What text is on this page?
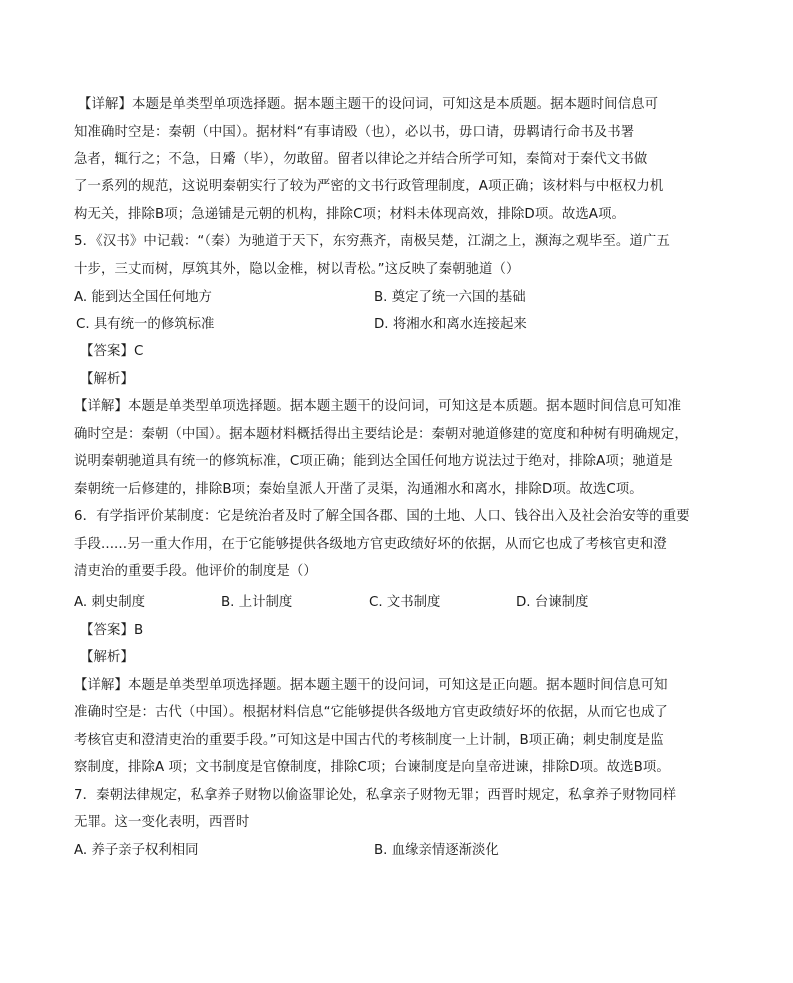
【详解】本题是单类型单项选择题。据本题主题干的设问词，可知这是本质题。据本题时间信息可
知准确时空是：秦朝（中国）。据材料“有事请殴（也），必以书，毋口请，毋羁请行命书及书署
急者，辄行之；不急，日觱（毕），勿敢留。留者以律论之并结合所学可知，秦简对于秦代文书做
了一系列的规范，这说明秦朝实行了较为严密的文书行政管理制度，A项正确；该材料与中枢权力机
构无关，排除B项；急递铺是元朝的机构，排除C项；材料未体现高效，排除D项。故选A项。
5．《汉书》中记载：“（秦）为驰道于天下，东穷燕齐，南极吴楚，江湖之上，濒海之观毕至。道广五
十步，三丈而树，厚筑其外，隐以金椎，树以青松。”这反映了秦朝驰道（）
A. 能到达全国任何地方	B. 奠定了统一六国的基础
C. 具有统一的修筑标准	D. 将湘水和离水连接起来
【答案】C
【解析】
【详解】本题是单类型单项选择题。据本题主题干的设问词，可知这是本质题。据本题时间信息可知准
确时空是：秦朝（中国）。据本题材料概括得出主要结论是：秦朝对驰道修建的宽度和种树有明确规定，
说明秦朝驰道具有统一的修筑标准，C项正确；能到达全国任何地方说法过于绝对，排除A项；驰道是
秦朝统一后修建的，排除B项；秦始皇派人开凿了灵渠，沟通湘水和离水，排除D项。故选C项。
6．有学指评价某制度：它是统治者及时了解全国各郡、国的土地、人口、钱谷出入及社会治安等的重要
手段......另一重大作用，在于它能够提供各级地方官吏政绩好坏的依据，从而它也成了考核官吏和澄
清吏治的重要手段。他评价的制度是（）
A. 刺史制度	B. 上计制度	C. 文书制度	D. 台谏制度
【答案】B
【解析】
【详解】本题是单类型单项选择题。据本题主题干的设问词，可知这是正向题。据本题时间信息可知
准确时空是：古代（中国）。根据材料信息“它能够提供各级地方官吏政绩好坏的依据，从而它也成了
考核官吏和澄清吏治的重要手段。”可知这是中国古代的考核制度一上计制，B项正确；刺史制度是监
察制度，排除A 项；文书制度是官僚制度，排除C项；台谏制度是向皇帝进谏，排除D项。故选B项。
7．秦朝法律规定，私拿养子财物以偷盗罪论处，私拿亲子财物无罪；西晋时规定，私拿养子财物同样
无罪。这一变化表明，西晋时
A. 养子亲子权利相同	B. 血缘亲情逐渐淡化
